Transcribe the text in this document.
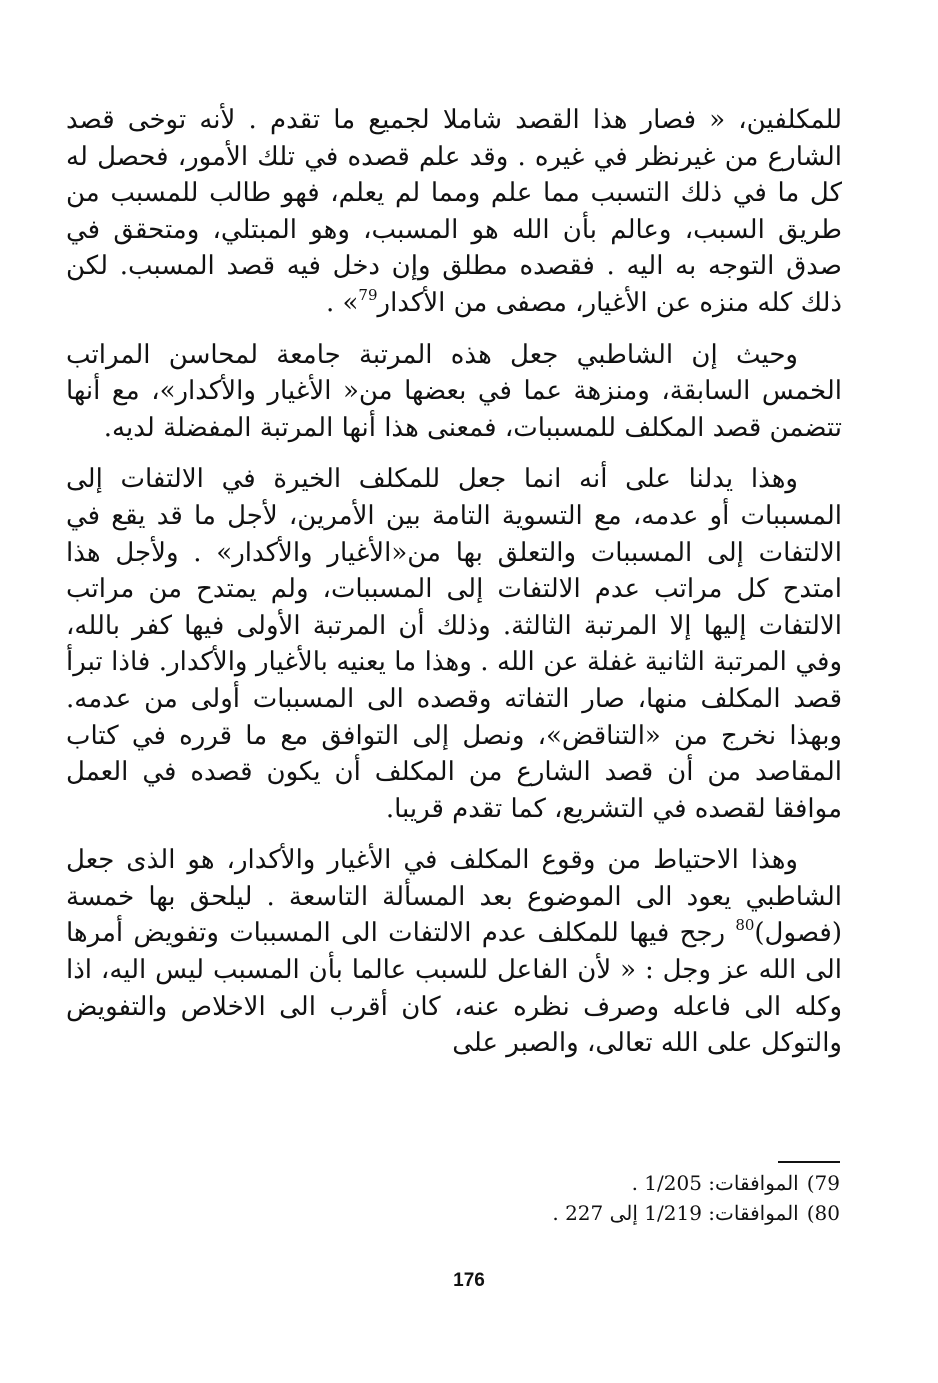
للمكلفين، « فصار هذا القصد شاملا لجميع ما تقدم . لأنه توخى قصد الشارع من غيرنظر في غيره . وقد علم قصده في تلك الأمور، فحصل له كل ما في ذلك التسبب مما علم ومما لم يعلم، فهو طالب للمسبب من طريق السبب، وعالم بأن الله هو المسبب، وهو المبتلي، ومتحقق في صدق التوجه به اليه . فقصده مطلق وإن دخل فيه قصد المسبب. لكن ذلك كله منزه عن الأغيار، مصفى من الأكدار$^{79}$» .

وحيث إن الشاطبي جعل هذه المرتبة جامعة لمحاسن المراتب الخمس السابقة، ومنزهة عما في بعضها من« الأغيار والأكدار»، مع أنها تتضمن قصد المكلف للمسببات، فمعنى هذا أنها المرتبة المفضلة لديه.

وهذا يدلنا على أنه انما جعل للمكلف الخيرة في الالتفات إلى المسببات أو عدمه، مع التسوية التامة بين الأمرين، لأجل ما قد يقع في الالتفات إلى المسببات والتعلق بها من«الأغيار والأكدار» . ولأجل هذا امتدح كل مراتب عدم الالتفات إلى المسببات، ولم يمتدح من مراتب الالتفات إليها إلا المرتبة الثالثة. وذلك أن المرتبة الأولى فيها كفر بالله، وفي المرتبة الثانية غفلة عن الله . وهذا ما يعنيه بالأغيار والأكدار. فاذا تبرأ قصد المكلف منها، صار التفاته وقصده الى المسببات أولى من عدمه. وبهذا نخرج من «التناقض»، ونصل إلى التوافق مع ما قرره في كتاب المقاصد من أن قصد الشارع من المكلف أن يكون قصده في العمل موافقا لقصده في التشريع، كما تقدم قريبا.

وهذا الاحتياط من وقوع المكلف في الأغيار والأكدار، هو الذى جعل الشاطبي يعود الى الموضوع بعد المسألة التاسعة . ليلحق بها خمسة (فصول)$^{80}$ رجح فيها للمكلف عدم الالتفات الى المسببات وتفويض أمرها الى الله عز وجل : « لأن الفاعل للسبب عالما بأن المسبب ليس اليه، اذا وكله الى فاعله وصرف نظره عنه، كان أقرب الى الاخلاص والتفويض والتوكل على الله تعالى، والصبر على

79)الموافقات: 1/205 .

80)الموافقات: 1/219 إلى 227 .

176
